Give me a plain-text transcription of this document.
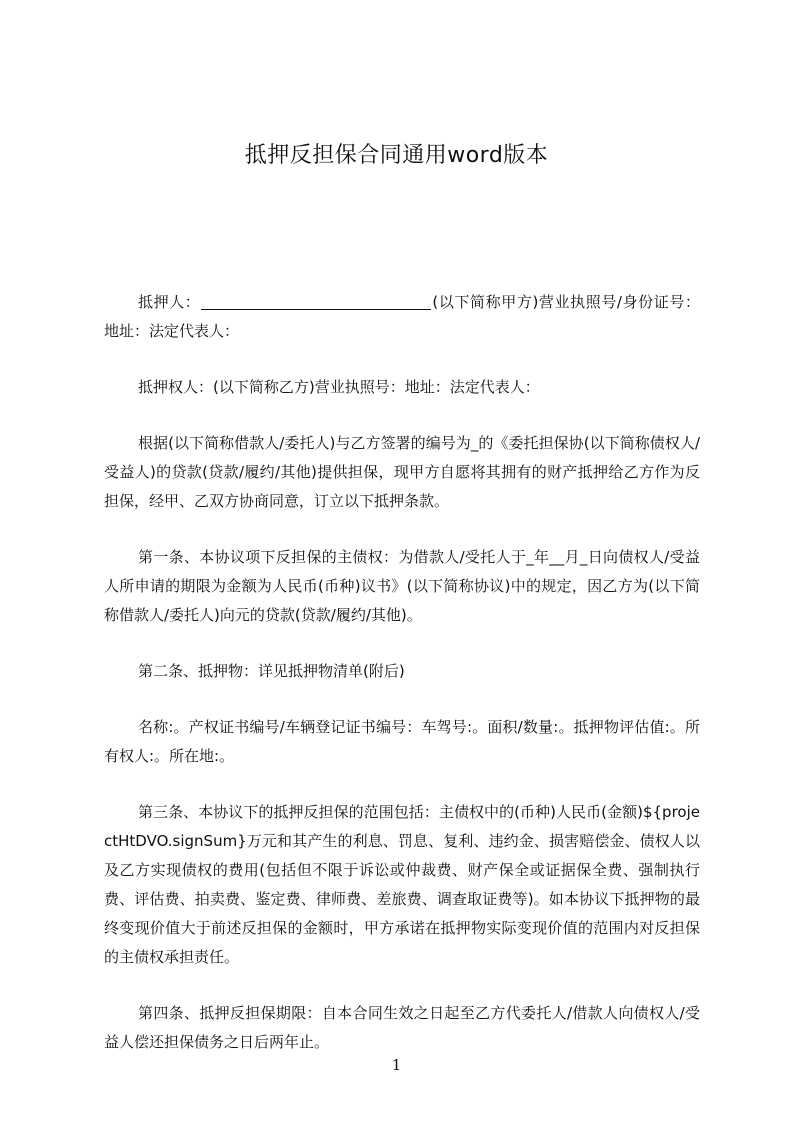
抵押反担保合同通用word版本

抵押人：	(以下简称甲方)营业执照号/身份证号：地址：法定代表人：

抵押权人：(以下简称乙方)营业执照号：地址：法定代表人：

根据(以下简称借款人/委托人)与乙方签署的编号为_的《委托担保协(以下简称债权人/受益人)的贷款(贷款/履约/其他)提供担保，现甲方自愿将其拥有的财产抵押给乙方作为反担保，经甲、乙双方协商同意，订立以下抵押条款。

第一条、本协议项下反担保的主债权：为借款人/受托人于_年__月_日向债权人/受益人所申请的期限为金额为人民币(币种)议书》(以下简称协议)中的规定，因乙方为(以下简称借款人/委托人)向元的贷款(贷款/履约/其他)。

第二条、抵押物：详见抵押物清单(附后)

名称:。产权证书编号/车辆登记证书编号：车驾号:。面积/数量:。抵押物评估值:。所有权人:。所在地:。

第三条、本协议下的抵押反担保的范围包括：主债权中的(币种)人民币(金额)${projectHtDVO.signSum}万元和其产生的利息、罚息、复利、违约金、损害赔偿金、债权人以及乙方实现债权的费用(包括但不限于诉讼或仲裁费、财产保全或证据保全费、强制执行费、评估费、拍卖费、鉴定费、律师费、差旅费、调查取证费等)。如本协议下抵押物的最终变现价值大于前述反担保的金额时，甲方承诺在抵押物实际变现价值的范围内对反担保的主债权承担责任。

第四条、抵押反担保期限：自本合同生效之日起至乙方代委托人/借款人向债权人/受益人偿还担保债务之日后两年止。

1
